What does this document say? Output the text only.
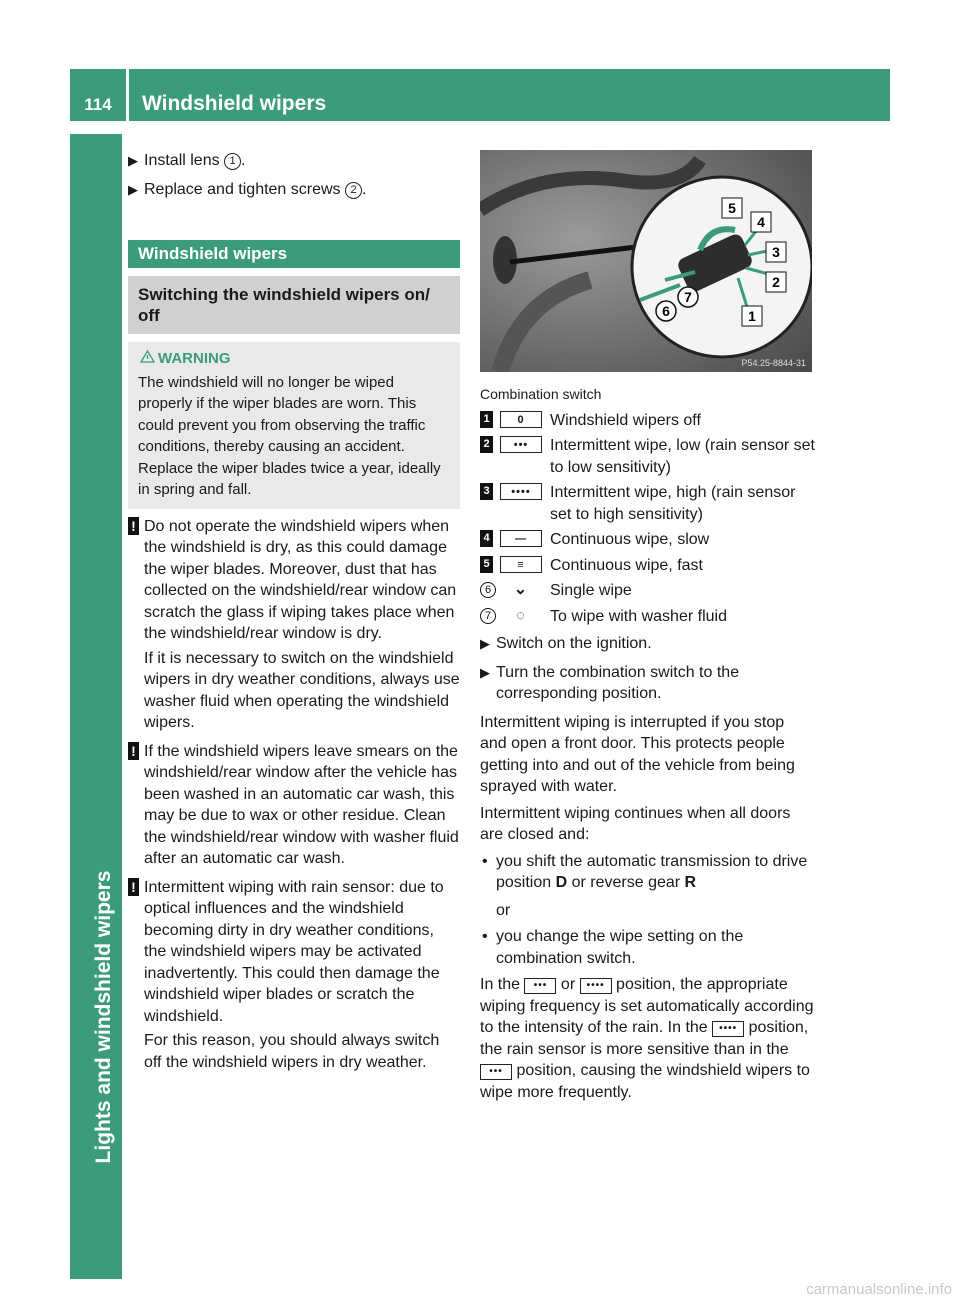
114	Windshield wipers
Lights and windshield wipers
▶ Install lens 1 .
▶ Replace and tighten screws 2 .
Windshield wipers
Switching the windshield wipers on/ off
WARNING
The windshield will no longer be wiped properly if the wiper blades are worn. This could prevent you from observing the traffic conditions, thereby causing an accident. Replace the wiper blades twice a year, ideally in spring and fall.
! Do not operate the windshield wipers when the windshield is dry, as this could damage the wiper blades. Moreover, dust that has collected on the windshield/rear window can scratch the glass if wiping takes place when the windshield/rear window is dry.

If it is necessary to switch on the windshield wipers in dry weather conditions, always use washer fluid when operating the windshield wipers.

! If the windshield wipers leave smears on the windshield/rear window after the vehicle has been washed in an automatic car wash, this may be due to wax or other residue. Clean the windshield/rear window with washer fluid after an automatic car wash.

! Intermittent wiping with rain sensor: due to optical influences and the windshield becoming dirty in dry weather conditions, the windshield wipers may be activated inadvertently. This could then damage the windshield wiper blades or scratch the windshield.

For this reason, you should always switch off the windshield wipers in dry weather.

5
4
3
2
1
6
7
P54.25-8844-31
Combination switch
1	0	Windshield wipers off
2	•••	Intermittent wipe, low (rain sensor set to low sensitivity)
3	••••	Intermittent wipe, high (rain sensor set to high sensitivity)
4	—	Continuous wipe, slow
5	≡	Continuous wipe, fast
6	⌄	Single wipe
7	◌	To wipe with washer fluid
▶ Switch on the ignition.
▶ Turn the combination switch to the corresponding position.
Intermittent wiping is interrupted if you stop and open a front door. This protects people getting into and out of the vehicle from being sprayed with water.
Intermittent wiping continues when all doors are closed and:
• you shift the automatic transmission to drive position D or reverse gear R
or
• you change the wipe setting on the combination switch.
In the ••• or •••• position, the appropriate wiping frequency is set automatically according to the intensity of the rain. In the •••• position, the rain sensor is more sensitive than in the ••• position, causing the windshield wipers to wipe more frequently.
carmanualsonline.info
